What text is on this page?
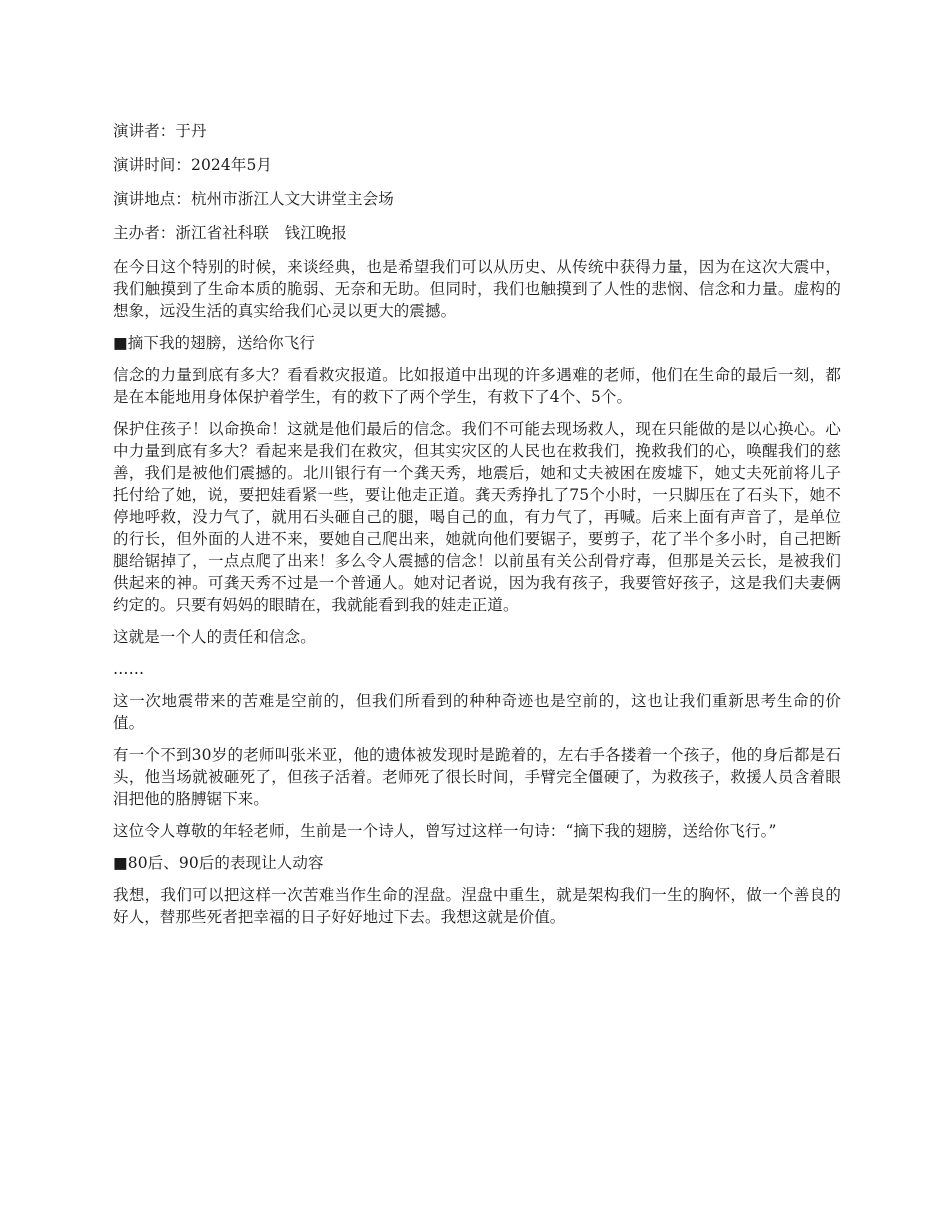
演讲者：于丹

演讲时间：2024年5月

演讲地点：杭州市浙江人文大讲堂主会场

主办者：浙江省社科联　钱江晚报

在今日这个特别的时候，来谈经典，也是希望我们可以从历史、从传统中获得力量，因为在这次大震中，我们触摸到了生命本质的脆弱、无奈和无助。但同时，我们也触摸到了人性的悲悯、信念和力量。虚构的想象，远没生活的真实给我们心灵以更大的震撼。

■摘下我的翅膀，送给你飞行

信念的力量到底有多大？看看救灾报道。比如报道中出现的许多遇难的老师，他们在生命的最后一刻，都是在本能地用身体保护着学生，有的救下了两个学生，有救下了4个、5个。

保护住孩子！以命换命！这就是他们最后的信念。我们不可能去现场救人，现在只能做的是以心换心。心中力量到底有多大？看起来是我们在救灾，但其实灾区的人民也在救我们，挽救我们的心，唤醒我们的慈善，我们是被他们震撼的。北川银行有一个龚天秀，地震后，她和丈夫被困在废墟下，她丈夫死前将儿子托付给了她，说，要把娃看紧一些，要让他走正道。龚天秀挣扎了75个小时，一只脚压在了石头下，她不停地呼救，没力气了，就用石头砸自己的腿，喝自己的血，有力气了，再喊。后来上面有声音了，是单位的行长，但外面的人进不来，要她自己爬出来，她就向他们要锯子，要剪子，花了半个多小时，自己把断腿给锯掉了，一点点爬了出来！多么令人震撼的信念！以前虽有关公刮骨疗毒，但那是关云长，是被我们供起来的神。可龚天秀不过是一个普通人。她对记者说，因为我有孩子，我要管好孩子，这是我们夫妻俩约定的。只要有妈妈的眼睛在，我就能看到我的娃走正道。

这就是一个人的责任和信念。

……

这一次地震带来的苦难是空前的，但我们所看到的种种奇迹也是空前的，这也让我们重新思考生命的价值。

有一个不到30岁的老师叫张米亚，他的遗体被发现时是跪着的，左右手各搂着一个孩子，他的身后都是石头，他当场就被砸死了，但孩子活着。老师死了很长时间，手臂完全僵硬了，为救孩子，救援人员含着眼泪把他的胳膊锯下来。

这位令人尊敬的年轻老师，生前是一个诗人，曾写过这样一句诗：“摘下我的翅膀，送给你飞行。”

■80后、90后的表现让人动容

我想，我们可以把这样一次苦难当作生命的涅盘。涅盘中重生，就是架构我们一生的胸怀，做一个善良的好人，替那些死者把幸福的日子好好地过下去。我想这就是价值。
